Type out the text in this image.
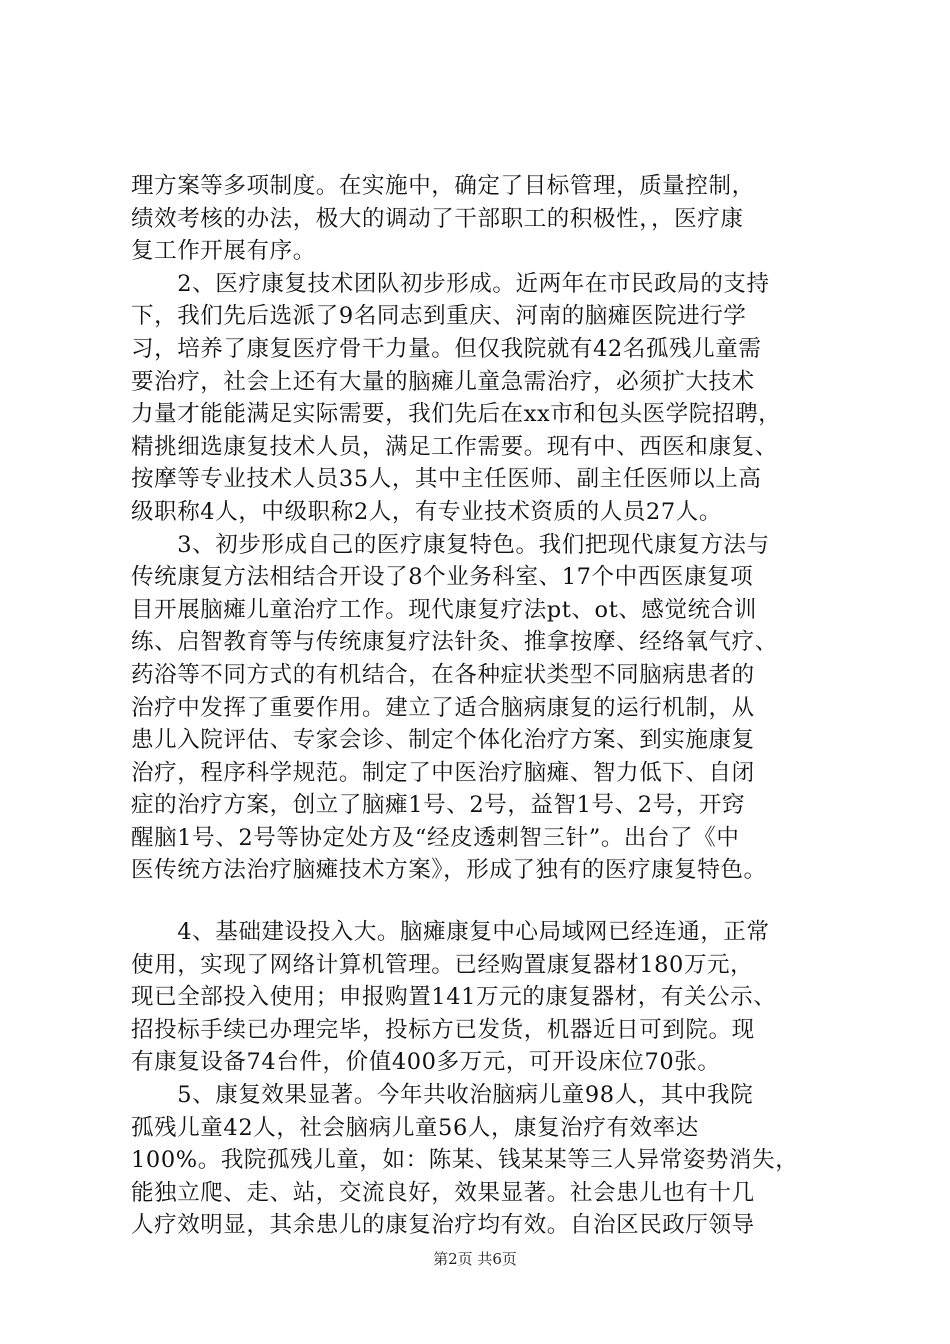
理方案等多项制度。在实施中，确定了目标管理，质量控制，
绩效考核的办法，极大的调动了干部职工的积极性，，医疗康
复工作开展有序。
　　2、医疗康复技术团队初步形成。近两年在市民政局的支持
下，我们先后选派了9名同志到重庆、河南的脑瘫医院进行学
习，培养了康复医疗骨干力量。但仅我院就有42名孤残儿童需
要治疗，社会上还有大量的脑瘫儿童急需治疗，必须扩大技术
力量才能能满足实际需要，我们先后在xx市和包头医学院招聘，
精挑细选康复技术人员，满足工作需要。现有中、西医和康复、
按摩等专业技术人员35人，其中主任医师、副主任医师以上高
级职称4人，中级职称2人，有专业技术资质的人员27人。
　　3、初步形成自己的医疗康复特色。我们把现代康复方法与
传统康复方法相结合开设了8个业务科室、17个中西医康复项
目开展脑瘫儿童治疗工作。现代康复疗法pt、ot、感觉统合训
练、启智教育等与传统康复疗法针灸、推拿按摩、经络氧气疗、
药浴等不同方式的有机结合，在各种症状类型不同脑病患者的
治疗中发挥了重要作用。建立了适合脑病康复的运行机制，从
患儿入院评估、专家会诊、制定个体化治疗方案、到实施康复
治疗，程序科学规范。制定了中医治疗脑瘫、智力低下、自闭
症的治疗方案，创立了脑瘫1号、2号，益智1号、2号，开窍
醒脑1号、2号等协定处方及“经皮透刺智三针”。出台了《中
医传统方法治疗脑瘫技术方案》，形成了独有的医疗康复特色。
　　4、基础建设投入大。脑瘫康复中心局域网已经连通，正常
使用，实现了网络计算机管理。已经购置康复器材180万元，
现已全部投入使用；申报购置141万元的康复器材，有关公示、
招投标手续已办理完毕，投标方已发货，机器近日可到院。现
有康复设备74台件，价值400多万元，可开设床位70张。
　　5、康复效果显著。今年共收治脑病儿童98人，其中我院
孤残儿童42人，社会脑病儿童56人，康复治疗有效率达
100%。我院孤残儿童，如：陈某、钱某某等三人异常姿势消失，
能独立爬、走、站，交流良好，效果显著。社会患儿也有十几
人疗效明显，其余患儿的康复治疗均有效。自治区民政厅领导
第2页 共6页
